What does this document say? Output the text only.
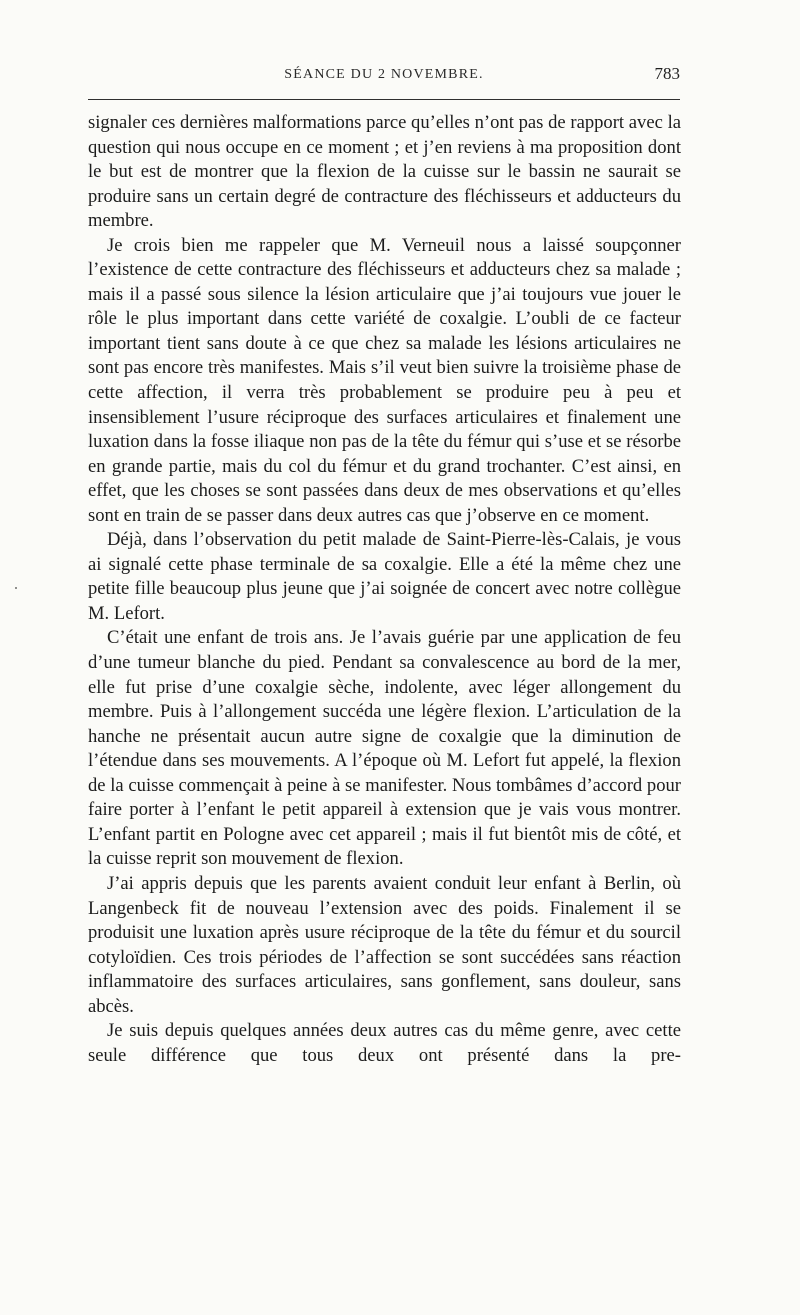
SÉANCE DU 2 NOVEMBRE.	783

signaler ces dernières malformations parce qu’elles n’ont pas de rapport avec la question qui nous occupe en ce moment ; et j’en reviens à ma proposition dont le but est de montrer que la flexion de la cuisse sur le bassin ne saurait se produire sans un certain degré de contracture des fléchisseurs et adducteurs du membre.

Je crois bien me rappeler que M. Verneuil nous a laissé soupçonner l’existence de cette contracture des fléchisseurs et adducteurs chez sa malade ; mais il a passé sous silence la lésion articulaire que j’ai toujours vue jouer le rôle le plus important dans cette variété de coxalgie. L’oubli de ce facteur important tient sans doute à ce que chez sa malade les lésions articulaires ne sont pas encore très manifestes. Mais s’il veut bien suivre la troisième phase de cette affection, il verra très probablement se produire peu à peu et insensiblement l’usure réciproque des surfaces articulaires et finalement une luxation dans la fosse iliaque non pas de la tête du fémur qui s’use et se résorbe en grande partie, mais du col du fémur et du grand trochanter. C’est ainsi, en effet, que les choses se sont passées dans deux de mes observations et qu’elles sont en train de se passer dans deux autres cas que j’observe en ce moment.

Déjà, dans l’observation du petit malade de Saint-Pierre-lès-Calais, je vous ai signalé cette phase terminale de sa coxalgie. Elle a été la même chez une petite fille beaucoup plus jeune que j’ai soignée de concert avec notre collègue M. Lefort.

C’était une enfant de trois ans. Je l’avais guérie par une application de feu d’une tumeur blanche du pied. Pendant sa convalescence au bord de la mer, elle fut prise d’une coxalgie sèche, indolente, avec léger allongement du membre. Puis à l’allongement succéda une légère flexion. L’articulation de la hanche ne présentait aucun autre signe de coxalgie que la diminution de l’étendue dans ses mouvements. A l’époque où M. Lefort fut appelé, la flexion de la cuisse commençait à peine à se manifester. Nous tombâmes d’accord pour faire porter à l’enfant le petit appareil à extension que je vais vous montrer. L’enfant partit en Pologne avec cet appareil ; mais il fut bientôt mis de côté, et la cuisse reprit son mouvement de flexion.

J’ai appris depuis que les parents avaient conduit leur enfant à Berlin, où Langenbeck fit de nouveau l’extension avec des poids. Finalement il se produisit une luxation après usure réciproque de la tête du fémur et du sourcil cotyloïdien. Ces trois périodes de l’affection se sont succédées sans réaction inflammatoire des surfaces articulaires, sans gonflement, sans douleur, sans abcès.

Je suis depuis quelques années deux autres cas du même genre, avec cette seule différence que tous deux ont présenté dans la pre-
